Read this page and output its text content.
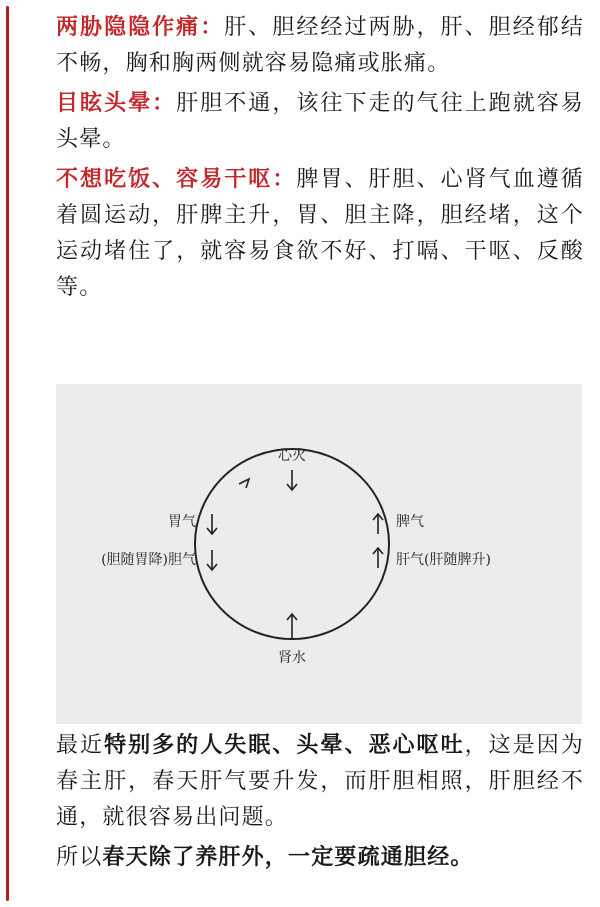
两胁隐隐作痛：肝、胆经经过两胁，肝、胆经郁结不畅，胸和胸两侧就容易隐痛或胀痛。

目眩头晕：肝胆不通，该往下走的气往上跑就容易头晕。

不想吃饭、容易干呕：脾胃、肝胆、心肾气血遵循着圆运动，肝脾主升，胃、胆主降，胆经堵，这个运动堵住了，就容易食欲不好、打嗝、干呕、反酸等。

心火
肾水
胃气
(胆随胃降)胆气
脾气
肝气(肝随脾升)

最近特别多的人失眠、头晕、恶心呕吐，这是因为春主肝，春天肝气要升发，而肝胆相照，肝胆经不通，就很容易出问题。

所以春天除了养肝外，一定要疏通胆经。
